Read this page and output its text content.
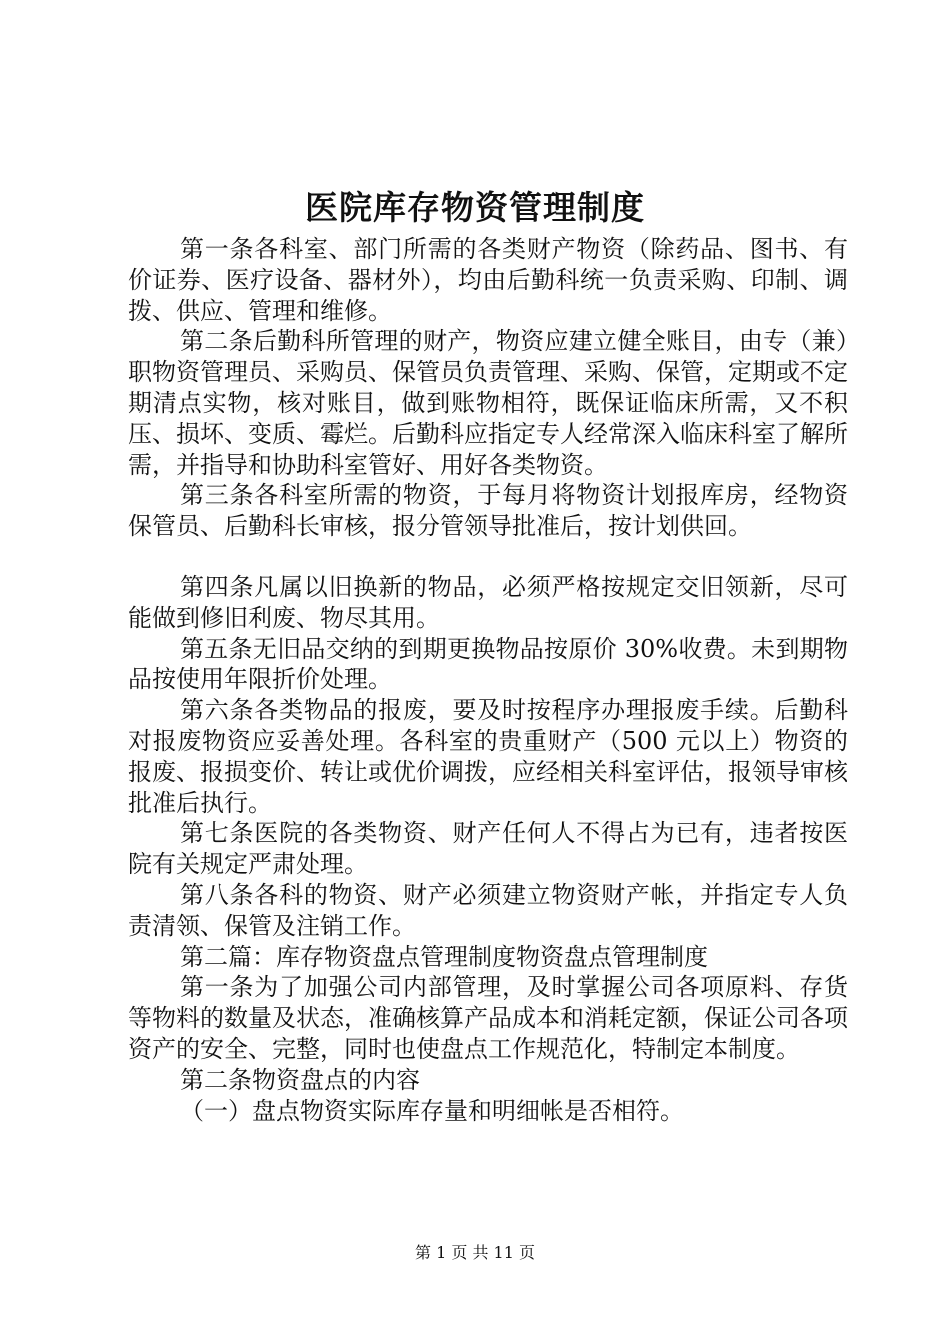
医院库存物资管理制度

第一条各科室、部门所需的各类财产物资（除药品、图书、有价证券、医疗设备、器材外），均由后勤科统一负责采购、印制、调拨、供应、管理和维修。

第二条后勤科所管理的财产，物资应建立健全账目，由专（兼）职物资管理员、采购员、保管员负责管理、采购、保管，定期或不定期清点实物，核对账目，做到账物相符，既保证临床所需，又不积压、损坏、变质、霉烂。后勤科应指定专人经常深入临床科室了解所需，并指导和协助科室管好、用好各类物资。

第三条各科室所需的物资，于每月将物资计划报库房，经物资保管员、后勤科长审核，报分管领导批准后，按计划供回。

第四条凡属以旧换新的物品，必须严格按规定交旧领新，尽可能做到修旧利废、物尽其用。

第五条无旧品交纳的到期更换物品按原价 30%收费。未到期物品按使用年限折价处理。

第六条各类物品的报废，要及时按程序办理报废手续。后勤科对报废物资应妥善处理。各科室的贵重财产（500 元以上）物资的报废、报损变价、转让或优价调拨，应经相关科室评估，报领导审核批准后执行。

第七条医院的各类物资、财产任何人不得占为已有，违者按医院有关规定严肃处理。

第八条各科的物资、财产必须建立物资财产帐，并指定专人负责清领、保管及注销工作。

第二篇：库存物资盘点管理制度物资盘点管理制度

第一条为了加强公司内部管理，及时掌握公司各项原料、存货等物料的数量及状态，准确核算产品成本和消耗定额，保证公司各项资产的安全、完整，同时也使盘点工作规范化，特制定本制度。

第二条物资盘点的内容

（一）盘点物资实际库存量和明细帐是否相符。

第 1 页 共 11 页
